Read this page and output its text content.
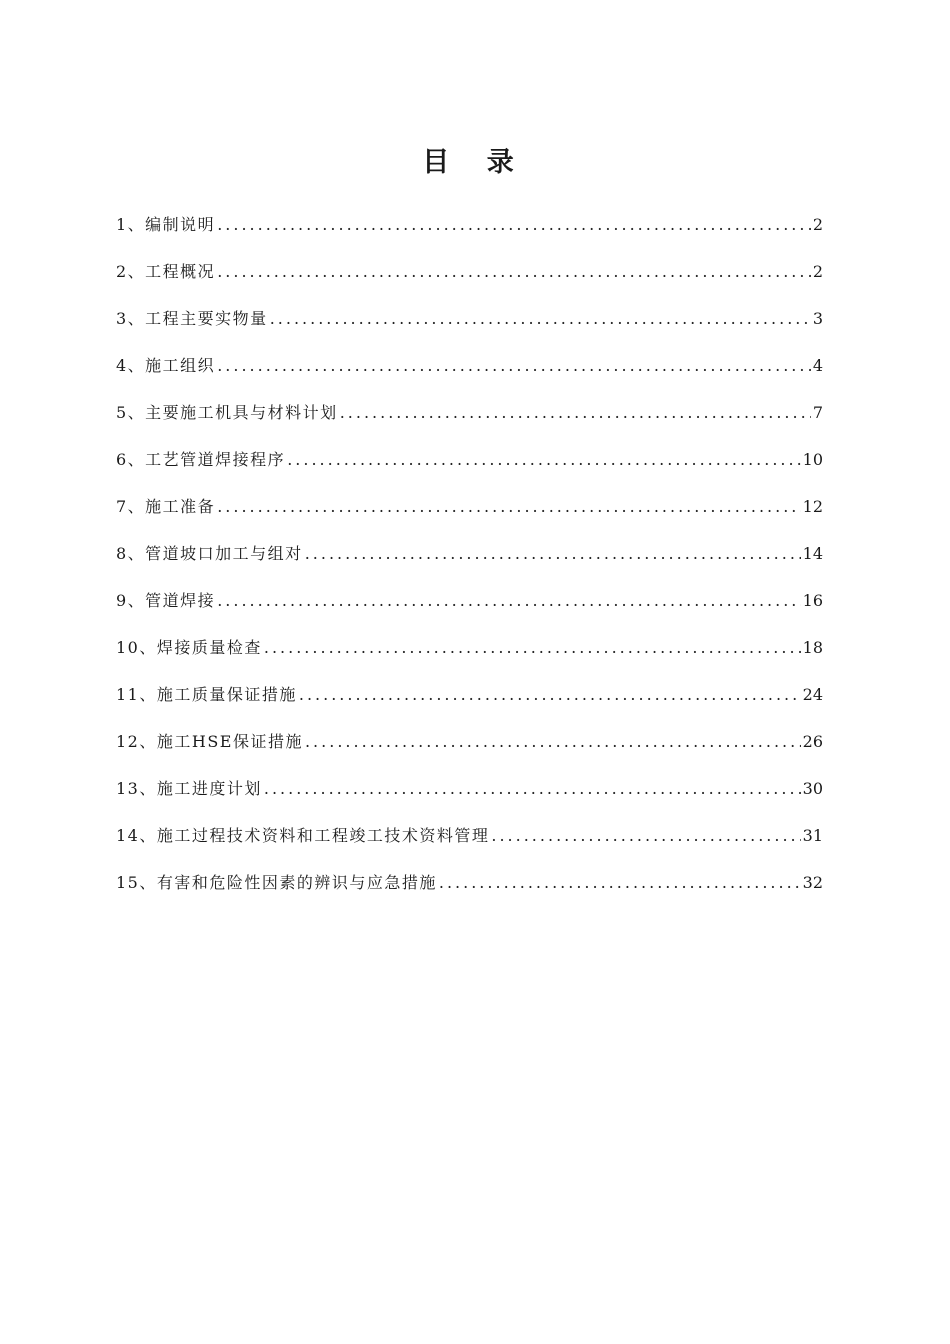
目 录
1、编制说明 .....	2
2、工程概况 .....	2
3、工程主要实物量 .....	3
4、施工组织 .....	4
5、主要施工机具与材料计划 .....	7
6、工艺管道焊接程序 .....	10
7、施工准备 .....	12
8、管道坡口加工与组对 .....	14
9、管道焊接 .....	16
10、焊接质量检查 .....	18
11、施工质量保证措施 .....	24
12、施工HSE保证措施 .....	26
13、施工进度计划 .....	30
14、施工过程技术资料和工程竣工技术资料管理 .....	31
15、有害和危险性因素的辨识与应急措施 .....	32
